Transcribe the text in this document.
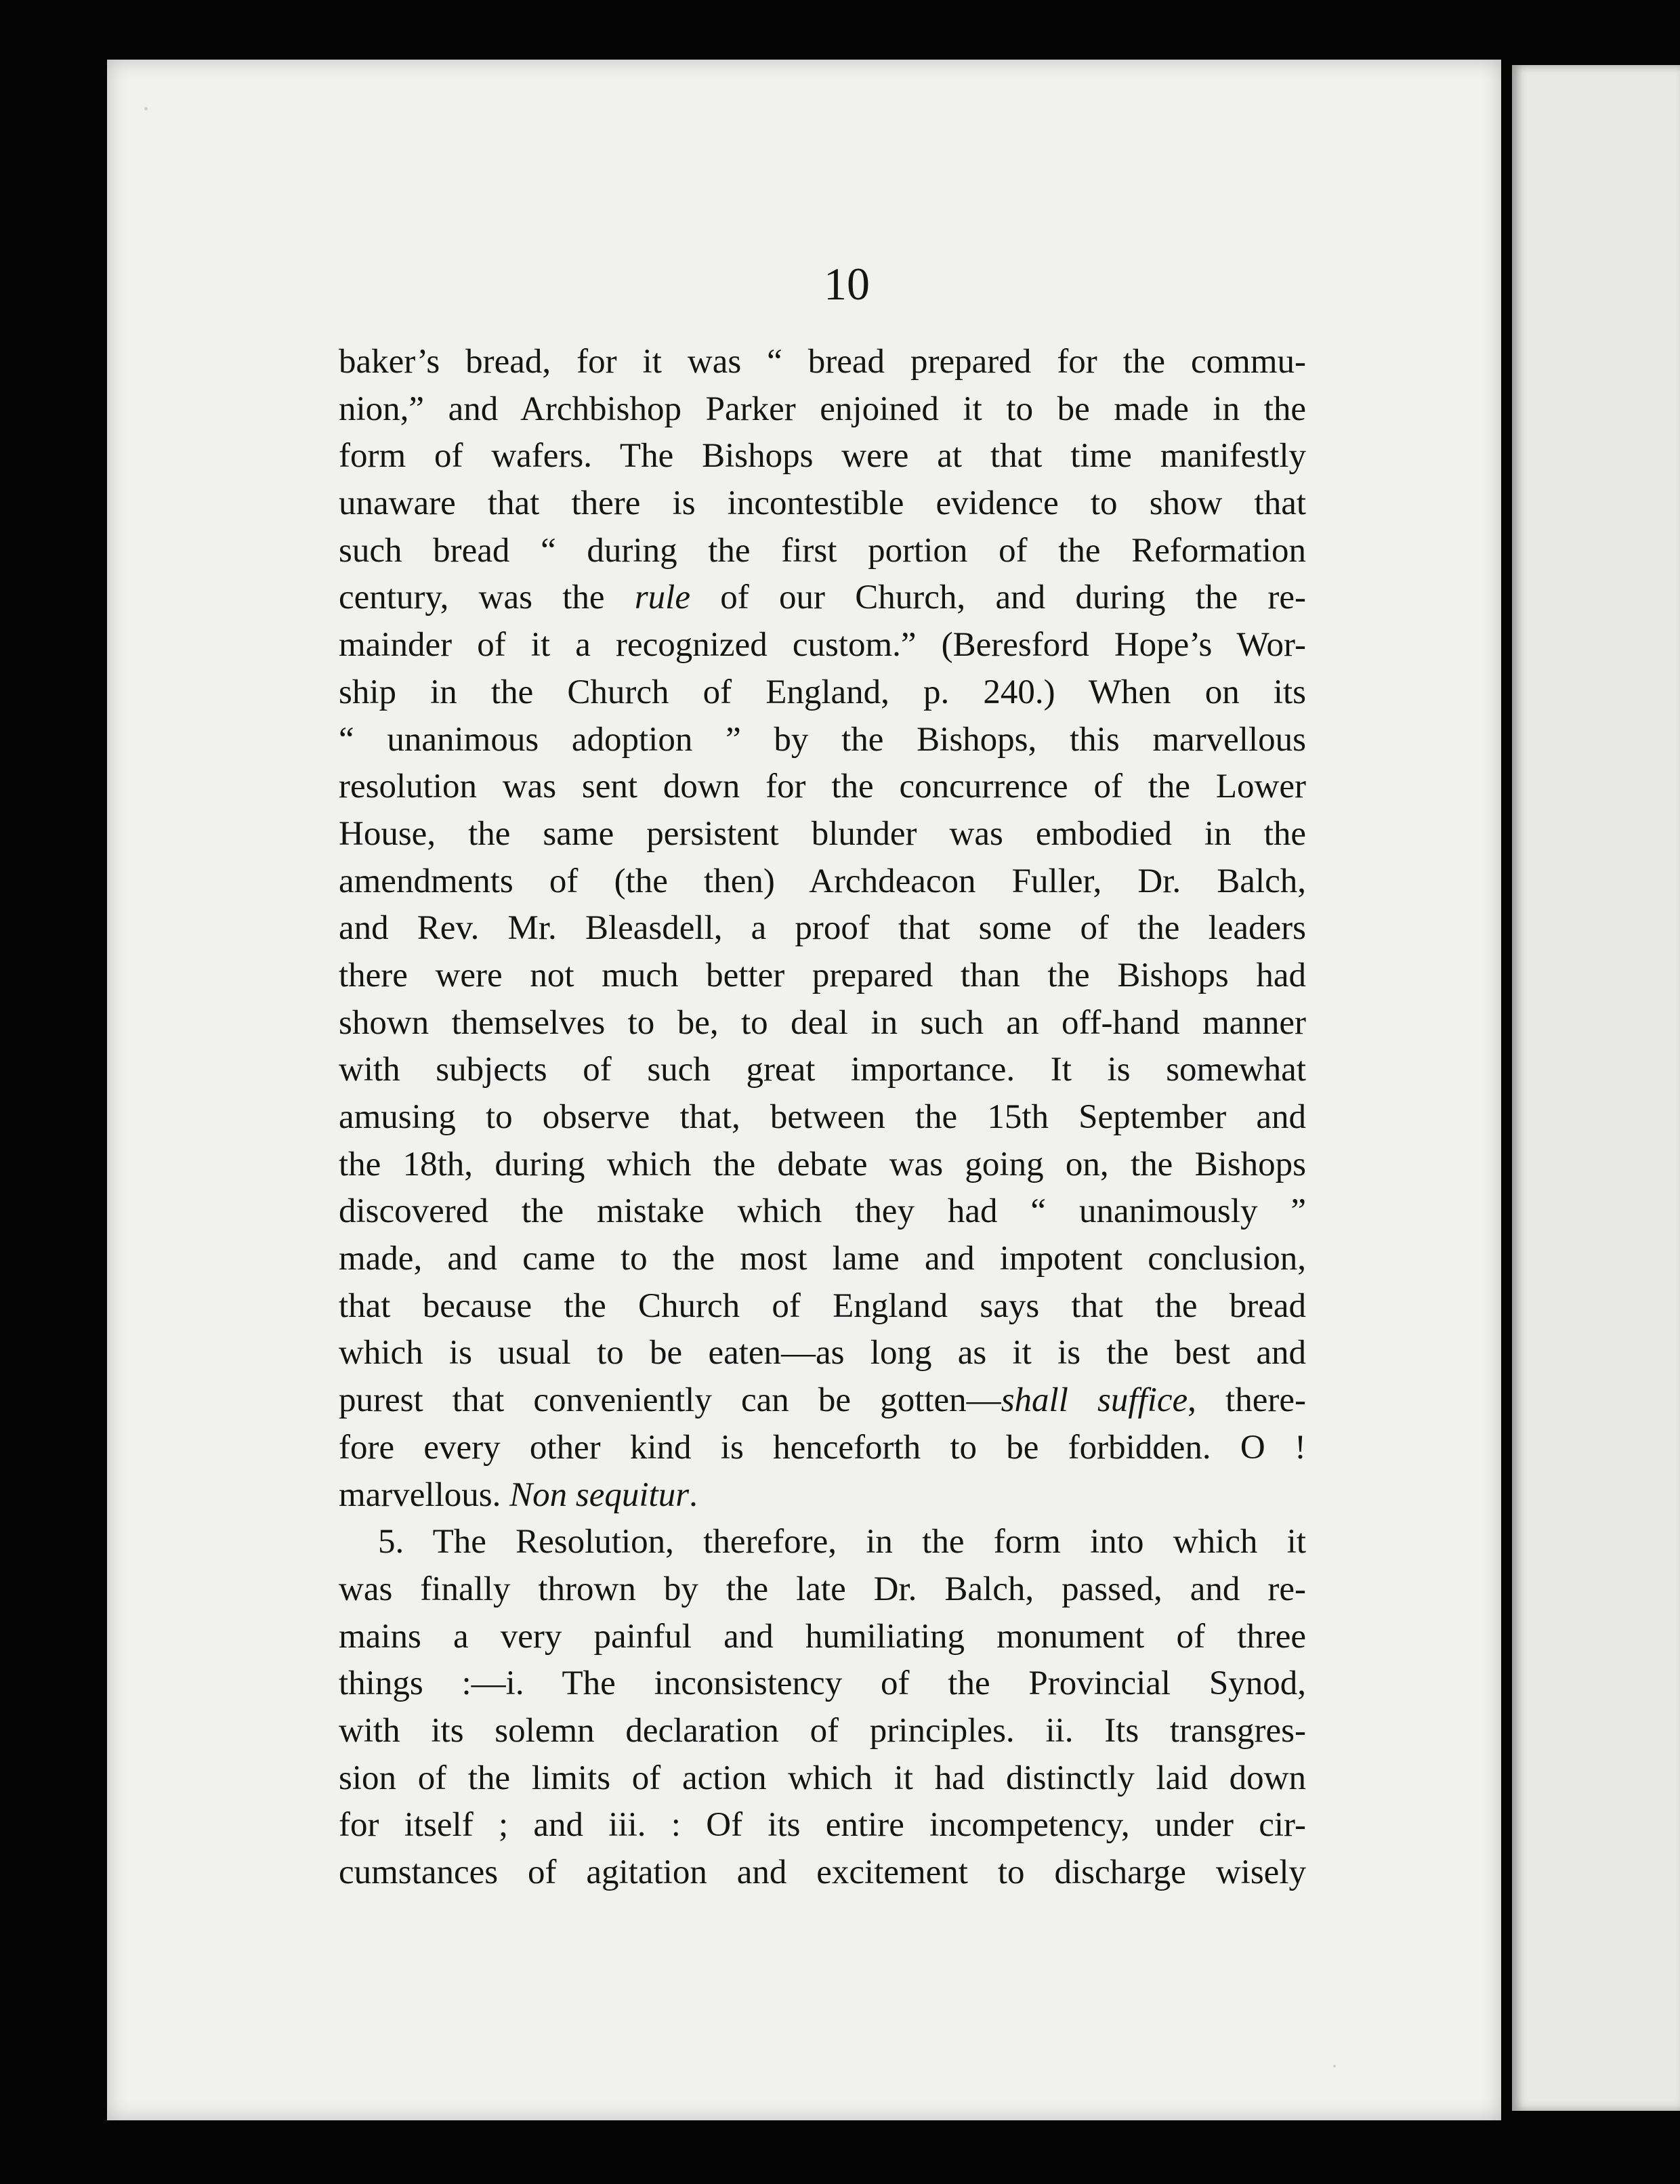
10
baker’s bread, for it was “ bread prepared for the commu-
nion,” and Archbishop Parker enjoined it to be made in the
form of wafers. The Bishops were at that time manifestly
unaware that there is incontestible evidence to show that
such bread “ during the first portion of the Reformation
century, was the rule of our Church, and during the re-
mainder of it a recognized custom.” (Beresford Hope’s Wor-
ship in the Church of England, p. 240.) When on its
“ unanimous adoption ” by the Bishops, this marvellous
resolution was sent down for the concurrence of the Lower
House, the same persistent blunder was embodied in the
amendments of (the then) Archdeacon Fuller, Dr. Balch,
and Rev. Mr. Bleasdell, a proof that some of the leaders
there were not much better prepared than the Bishops had
shown themselves to be, to deal in such an off-hand manner
with subjects of such great importance. It is somewhat
amusing to observe that, between the 15th September and
the 18th, during which the debate was going on, the Bishops
discovered the mistake which they had “ unanimously ”
made, and came to the most lame and impotent conclusion,
that because the Church of England says that the bread
which is usual to be eaten—as long as it is the best and
purest that conveniently can be gotten—shall suffice, there-
fore every other kind is henceforth to be forbidden. O !
marvellous. Non sequitur.
5. The Resolution, therefore, in the form into which it
was finally thrown by the late Dr. Balch, passed, and re-
mains a very painful and humiliating monument of three
things :—i. The inconsistency of the Provincial Synod,
with its solemn declaration of principles. ii. Its transgres-
sion of the limits of action which it had distinctly laid down
for itself ; and iii. : Of its entire incompetency, under cir-
cumstances of agitation and excitement to discharge wisely
